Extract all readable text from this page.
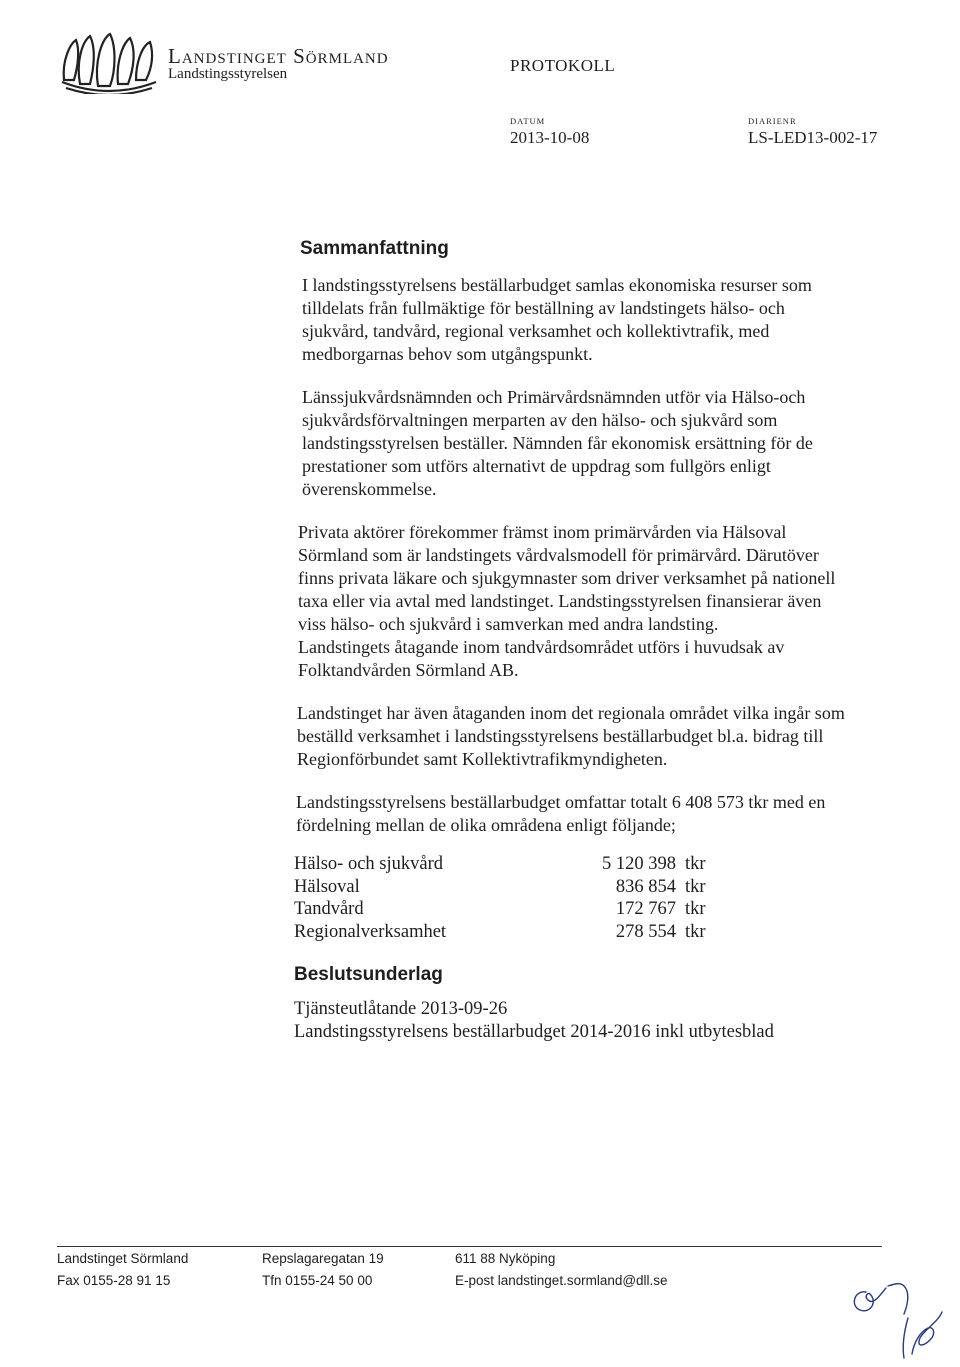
LANDSTINGET SÖRMLAND
Landstingsstyrelsen	PROTOKOLL
DATUM
2013-10-08
DIARIENR
LS-LED13-002-17
Sammanfattning
I landstingsstyrelsens beställarbudget samlas ekonomiska resurser som
tilldelats från fullmäktige för beställning av landstingets hälso- och
sjukvård, tandvård, regional verksamhet och kollektivtrafik, med
medborgarnas behov som utgångspunkt.
Länssjukvårdsnämnden och Primärvårdsnämnden utför via Hälso-och
sjukvårdsförvaltningen merparten av den hälso- och sjukvård som
landstingsstyrelsen beställer. Nämnden får ekonomisk ersättning för de
prestationer som utförs alternativt de uppdrag som fullgörs enligt
överenskommelse.
Privata aktörer förekommer främst inom primärvården via Hälsoval
Sörmland som är landstingets vårdvalsmodell för primärvård. Därutöver
finns privata läkare och sjukgymnaster som driver verksamhet på nationell
taxa eller via avtal med landstinget. Landstingsstyrelsen finansierar även
viss hälso- och sjukvård i samverkan med andra landsting.
Landstingets åtagande inom tandvårdsområdet utförs i huvudsak av
Folktandvården Sörmland AB.
Landstinget har även åtaganden inom det regionala området vilka ingår som
beställd verksamhet i landstingsstyrelsens beställarbudget bl.a. bidrag till
Regionförbundet samt Kollektivtrafikmyndigheten.
Landstingsstyrelsens beställarbudget omfattar totalt 6 408 573 tkr med en
fördelning mellan de olika områdena enligt följande;
Hälso- och sjukvård	5 120 398	tkr
Hälsoval	836 854	tkr
Tandvård	172 767	tkr
Regionalverksamhet	278 554	tkr
Beslutsunderlag
Tjänsteutlåtande 2013-09-26
Landstingsstyrelsens beställarbudget 2014-2016 inkl utbytesblad
Landstinget Sörmland
Fax 0155-28 91 15
Repslagaregatan 19
Tfn 0155-24 50 00
611 88 Nyköping
E-post landstinget.sormland@dll.se
